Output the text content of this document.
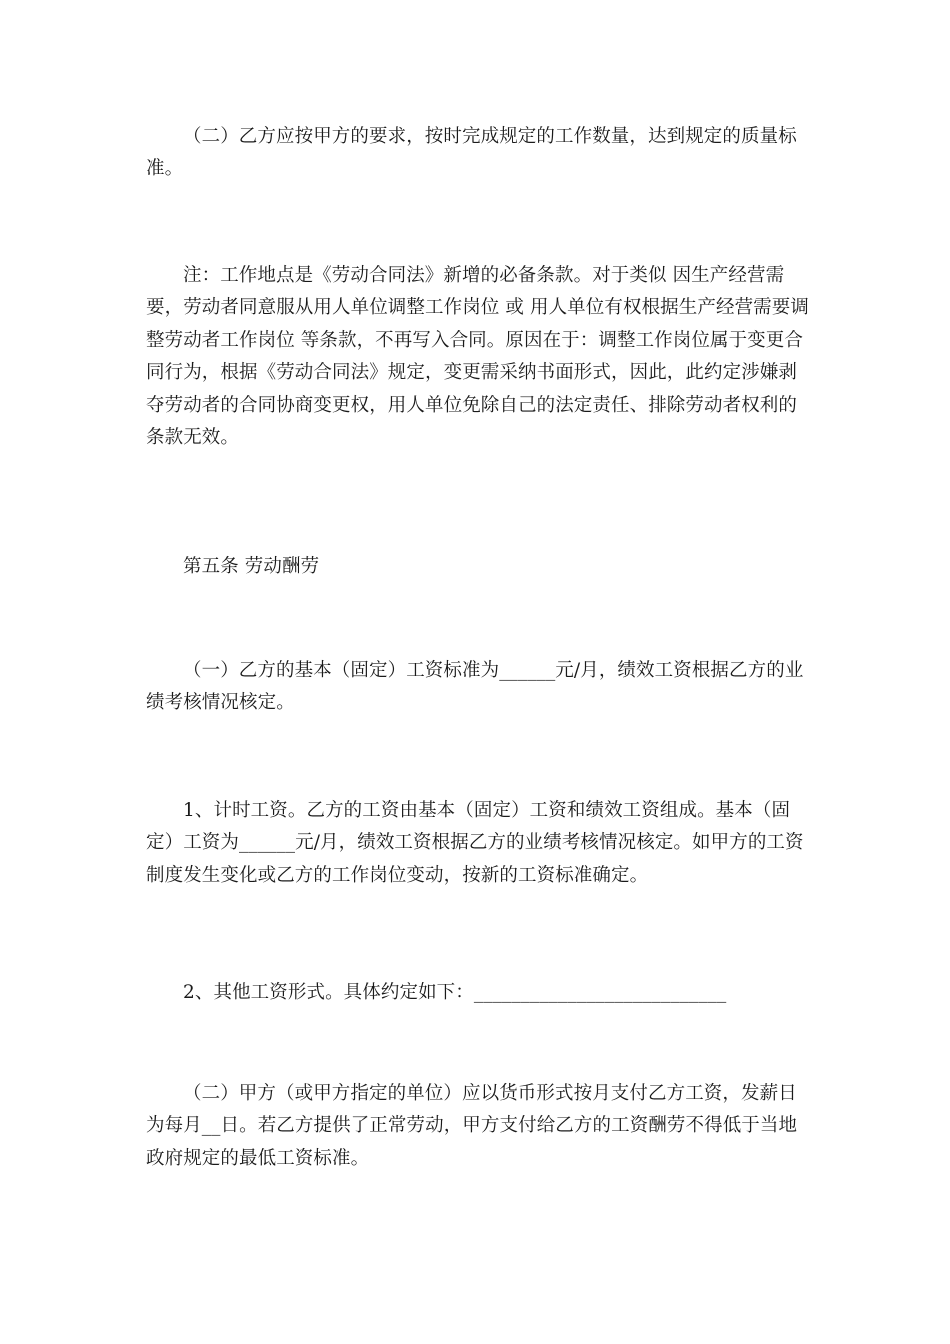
（二）乙方应按甲方的要求，按时完成规定的工作数量，达到规定的质量标准。

注：工作地点是《劳动合同法》新增的必备条款。对于类似 因生产经营需要，劳动者同意服从用人单位调整工作岗位 或 用人单位有权根据生产经营需要调整劳动者工作岗位 等条款，不再写入合同。原因在于：调整工作岗位属于变更合同行为，根据《劳动合同法》规定，变更需采纳书面形式，因此，此约定涉嫌剥夺劳动者的合同协商变更权，用人单位免除自己的法定责任、排除劳动者权利的条款无效。

第五条 劳动酬劳

（一）乙方的基本（固定）工资标准为______元/月，绩效工资根据乙方的业绩考核情况核定。

1、计时工资。乙方的工资由基本（固定）工资和绩效工资组成。基本（固定）工资为______元/月，绩效工资根据乙方的业绩考核情况核定。如甲方的工资制度发生变化或乙方的工作岗位变动，按新的工资标准确定。

2、其他工资形式。具体约定如下：___________________________

（二）甲方（或甲方指定的单位）应以货币形式按月支付乙方工资，发薪日为每月__日。若乙方提供了正常劳动，甲方支付给乙方的工资酬劳不得低于当地政府规定的最低工资标准。
